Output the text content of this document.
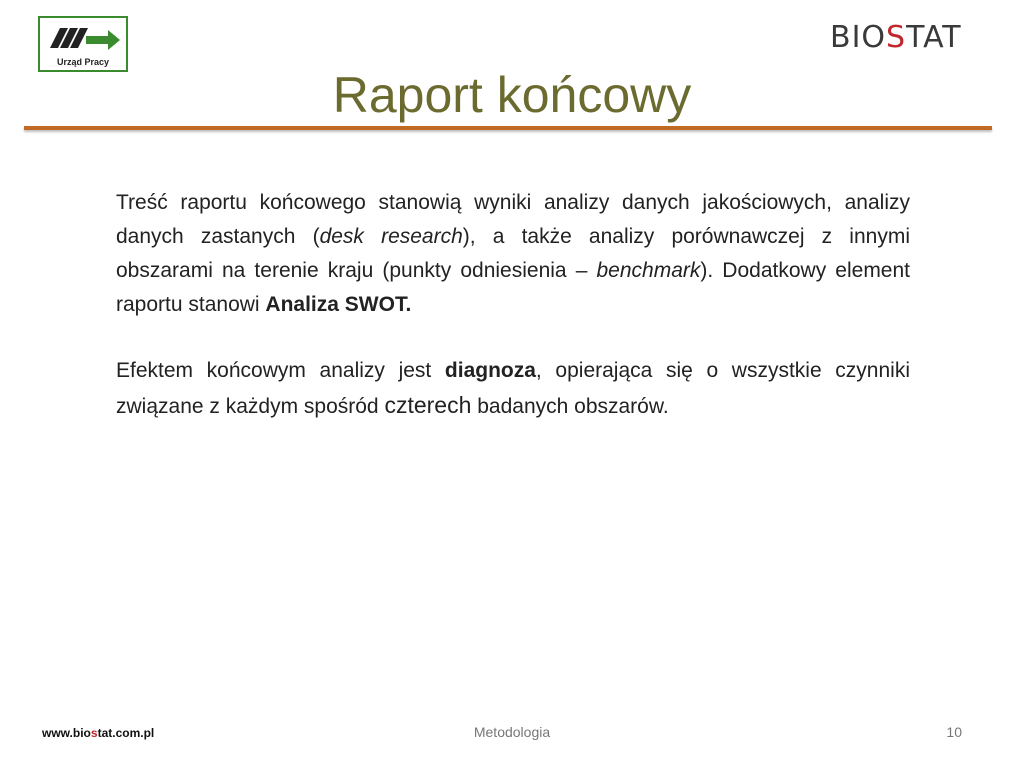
Urząd Pracy
BIOSTAT
Raport końcowy

Treść raportu końcowego stanowią wyniki analizy danych jakościowych, analizy danych zastanych (desk research), a także analizy porównawczej z innymi obszarami na terenie kraju (punkty odniesienia – benchmark). Dodatkowy element raportu stanowi Analiza SWOT.

Efektem końcowym analizy jest diagnoza, opierająca się o wszystkie czynniki związane z każdym spośród czterech badanych obszarów.

www.biostat.com.pl	Metodologia	10
